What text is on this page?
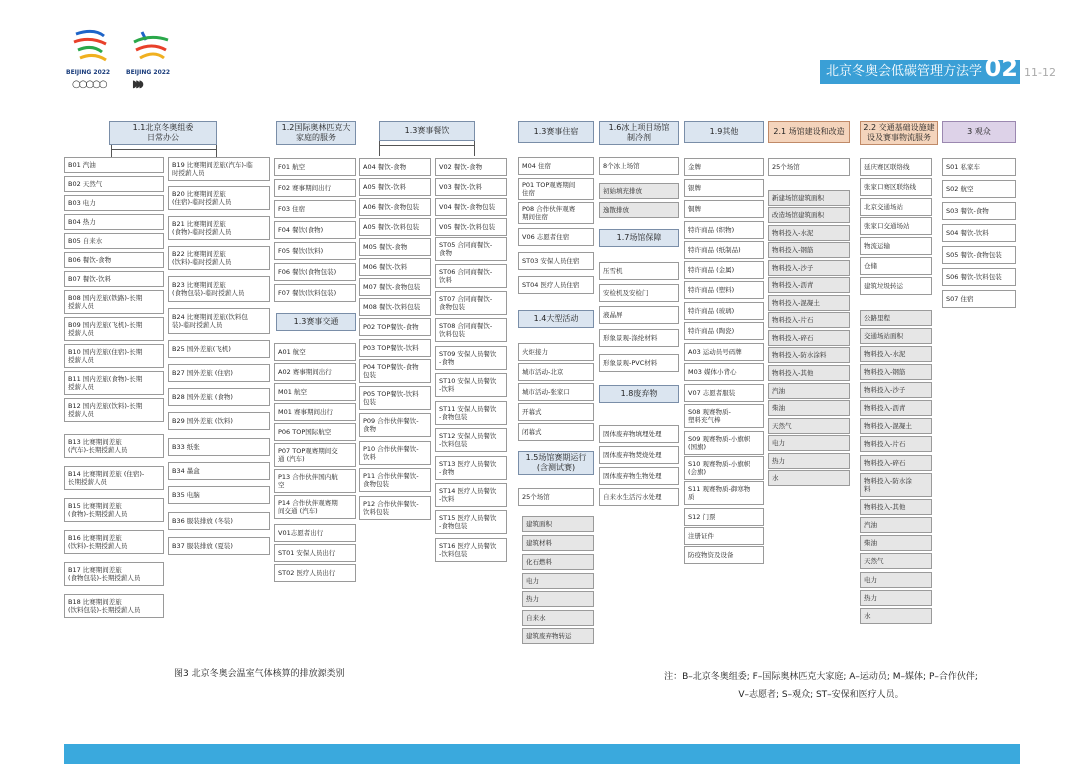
北京冬奥会低碳管理方法学 02 11-12
BEIJING 2022
○○○○○
BEIJING 2022
◗◗◗
1.1北京冬奥组委
日常办公
1.2国际奥林匹克大
家庭的服务
1.3赛事餐饮	1.3赛事住宿	1.6冰上项目场馆
制冷剂
1.9其他	2.1 场馆建设和改造	2.2 交通基础设施建
设及赛事物流服务
3 观众
1.3赛事交通	1.4大型活动
1.5场馆赛期运行
(含测试赛)
1.7场馆保障
1.8废弃物
B01 汽油
B02 天然气
B03 电力
B04 热力
B05 自来水
B06 餐饮-食物
B07 餐饮-饮料
B08 国内差旅(铁路)-长期
授薪人员
B09 国内差旅(飞机)-长期
授薪人员
B10 国内差旅(住宿)-长期
授薪人员
B11 国内差旅(食物)-长期
授薪人员
B12 国内差旅(饮料)-长期
授薪人员
B13 比赛期间差旅
(汽车)-长期授薪人员
B14 比赛期间差旅 (住宿)-
长期授薪人员
B15 比赛期间差旅
(食物)-长期授薪人员
B16 比赛期间差旅
(饮料)-长期授薪人员
B17 比赛期间差旅
(食物包装)-长期授薪人员
B18 比赛期间差旅
(饮料包装)-长期授薪人员
B19 比赛期间差旅(汽车)-临
时授薪人员
B20 比赛期间差旅
(住宿)-临时授薪人员
B21 比赛期间差旅
(食物)-临时授薪人员
B22 比赛期间差旅
(饮料)-临时授薪人员
B23 比赛期间差旅
(食物包装)-临时授薪人员
B24 比赛期间差旅(饮料包
装)-临时授薪人员
B25 国外差旅(飞机)
B27 国外差旅 (住宿)
B28 国外差旅 (食物)
B29 国外差旅 (饮料)
B33 纸张
B34 墨盒
B35 电脑
B36 服装排放 (冬装)
B37 服装排放 (夏装)
F01 航空
F02 赛事期间出行
F03 住宿
F04 餐饮(食物)
F05 餐饮(饮料)
F06 餐饮(食物包装)
F07 餐饮(饮料包装)
A01 航空
A02 赛事期间出行
M01 航空
M01 赛事期间出行
P06 TOP国际航空
P07 TOP观赛期间交
通 (汽车)
P13 合作伙伴国内航
空
P14 合作伙伴观赛期
间交通 (汽车)
V01志愿者出行
ST01 安保人员出行
ST02 医疗人员出行
A04 餐饮-食物
A05 餐饮-饮料
A06 餐饮-食物包装
A05 餐饮-饮料包装
M05 餐饮-食物
M06 餐饮-饮料
M07 餐饮-食物包装
M08 餐饮-饮料包装
P02 TOP餐饮-食物
P03 TOP餐饮-饮料
P04 TOP餐饮-食物
包装
P05 TOP餐饮-饮料
包装
P09 合作伙伴餐饮-
食物
P10 合作伙伴餐饮-
饮料
P11 合作伙伴餐饮-
食物包装
P12 合作伙伴餐饮-
饮料包装
V02 餐饮-食物
V03 餐饮-饮料
V04 餐饮-食物包装
V05 餐饮-饮料包装
ST05 合同商餐饮-
食物
ST06 合同商餐饮-
饮料
ST07 合同商餐饮-
食物包装
ST08 合同商餐饮-
饮料包装
ST09 安保人员餐饮
-食物
ST10 安保人员餐饮
-饮料
ST11 安保人员餐饮
-食物包装
ST12 安保人员餐饮
-饮料包装
ST13 医疗人员餐饮
-食物
ST14 医疗人员餐饮
-饮料
ST15 医疗人员餐饮
-食物包装
ST16 医疗人员餐饮
-饮料包装
M04 住宿
P01 TOP观赛期间
住宿
P08 合作伙伴观赛
期间住宿
V06 志愿者住宿
ST03 安保人员住宿
ST04 医疗人员住宿
火炬接力
城市活动-北京
城市活动-张家口
开幕式
闭幕式
25个场馆
建筑面积
建筑材料
化石燃料
电力
热力
自来水
建筑废弃物转运
8个冰上场馆
初始填充排放
逸散排放
压雪机
安检机及安检门
液晶屏
形象景观-涤纶材料
形象景观-PVC材料
固体废弃物填埋处理
固体废弃物焚烧处理
固体废弃物生物处理
自来水生活污水处理
金牌
银牌
铜牌
特许商品 (织物)
特许商品 (纸制品)
特许商品 (金属)
特许商品 (塑料)
特许商品 (玻璃)
特许商品 (陶瓷)
A03 运动员号码牌
M03 媒体小背心
V07 志愿者服装
S08 观赛物质-
塑料充气棒
S09 观赛物质-小旗帜
(国旗)
S10 观赛物质-小旗帜
(会旗)
S11 观赛物质-御寒物
质
S12 门票
注册证件
防疫物资及设备
25个场馆
新建场馆建筑面积
改造场馆建筑面积
物料投入-水泥
物料投入-钢筋
物料投入-沙子
物料投入-沥青
物料投入-混凝土
物料投入-片石
物料投入-碎石
物料投入-防水涂料
物料投入-其他
汽油
柴油
天然气
电力
热力
水
延庆赛区联络线
张家口赛区联络线
北京交通场站
张家口交通场站
物流运输
仓储
建筑垃圾转运
公路里程
交通场站面积
物料投入-水泥
物料投入-钢筋
物料投入-沙子
物料投入-沥青
物料投入-混凝土
物料投入-片石
物料投入-碎石
物料投入-防水涂
料
物料投入-其他
汽油
柴油
天然气
电力
热力
水
S01 私家车
S02 航空
S03 餐饮-食物
S04 餐饮-饮料
S05 餐饮-食物包装
S06 餐饮-饮料包装
S07 住宿
图3 北京冬奥会温室气体核算的排放源类别	注：B–北京冬奥组委; F–国际奥林匹克大家庭; A–运动员; M–媒体; P–合作伙伴;
V–志愿者; S–观众; ST–安保和医疗人员。
